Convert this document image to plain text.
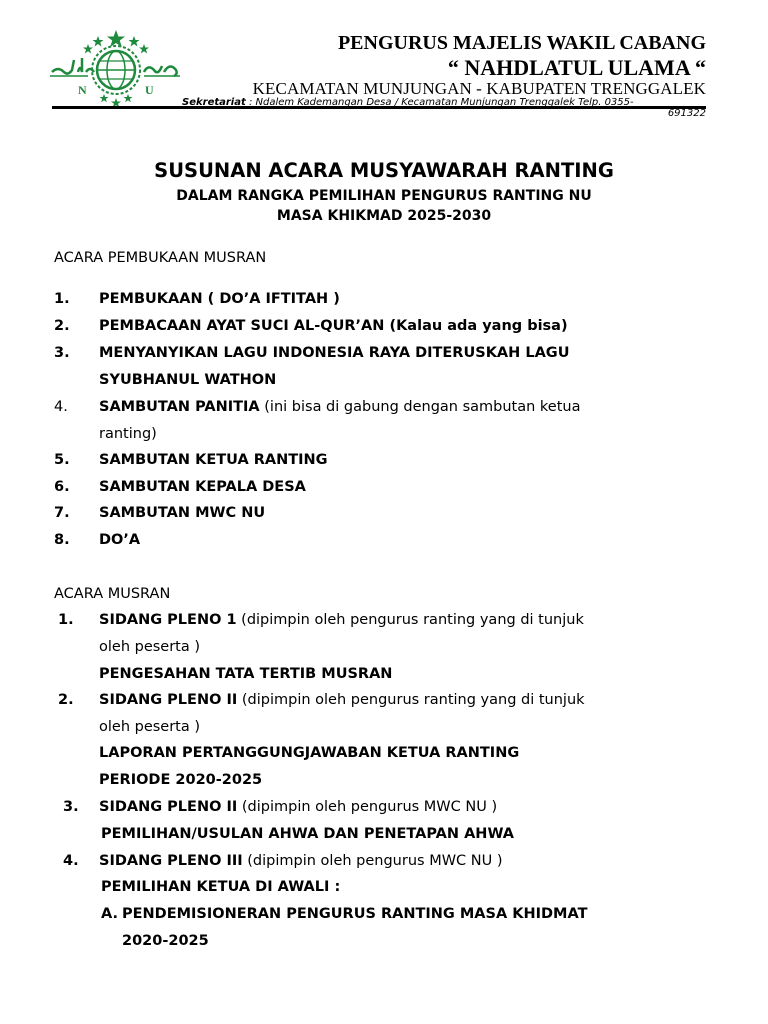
N	U
PENGURUS MAJELIS WAKIL CABANG
“ NAHDLATUL ULAMA “
KECAMATAN MUNJUNGAN - KABUPATEN TRENGGALEK
Sekretariat : Ndalem Kademangan Desa / Kecamatan Munjungan Trenggalek Telp. 0355-
691322
SUSUNAN ACARA MUSYAWARAH RANTING
DALAM RANGKA PEMILIHAN PENGURUS RANTING NU
MASA KHIKMAD 2025-2030
ACARA PEMBUKAAN MUSRAN
1. PEMBUKAAN ( DO’A IFTITAH )
2. PEMBACAAN AYAT SUCI AL-QUR’AN (Kalau ada yang bisa)
3. MENYANYIKAN LAGU INDONESIA RAYA DITERUSKAH LAGU
SYUBHANUL WATHON
4. SAMBUTAN PANITIA (ini bisa di gabung dengan sambutan ketua
ranting)
5. SAMBUTAN KETUA RANTING
6. SAMBUTAN KEPALA DESA
7. SAMBUTAN MWC NU
8. DO’A
ACARA MUSRAN
1. SIDANG PLENO 1 (dipimpin oleh pengurus ranting yang di tunjuk
oleh peserta )
PENGESAHAN TATA TERTIB MUSRAN
2. SIDANG PLENO II (dipimpin oleh pengurus ranting yang di tunjuk
oleh peserta )
LAPORAN PERTANGGUNGJAWABAN KETUA RANTING
PERIODE 2020-2025
3. SIDANG PLENO II (dipimpin oleh pengurus MWC NU )
PEMILIHAN/USULAN AHWA DAN PENETAPAN AHWA
4. SIDANG PLENO III (dipimpin oleh pengurus MWC NU )
PEMILIHAN KETUA DI AWALI :
A. PENDEMISIONERAN PENGURUS RANTING MASA KHIDMAT
2020-2025
